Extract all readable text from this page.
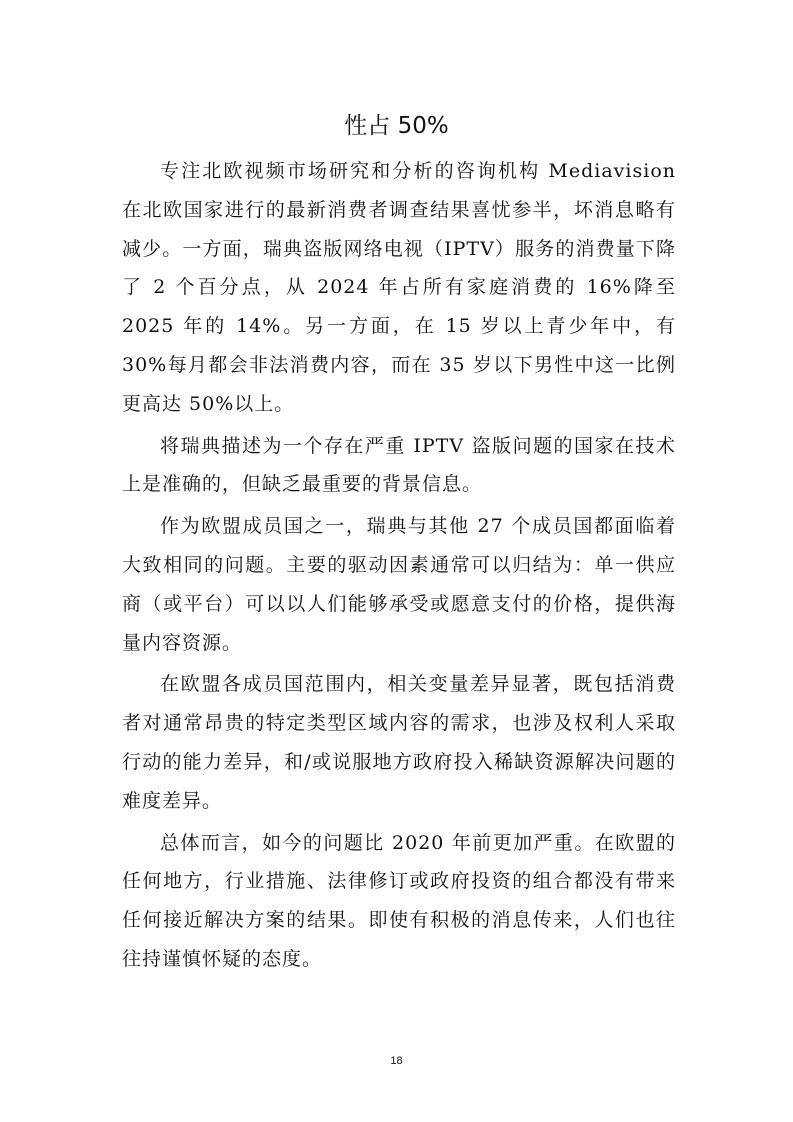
性占 50%

专注北欧视频市场研究和分析的咨询机构 Mediavision 在北欧国家进行的最新消费者调查结果喜忧参半，坏消息略有减少。一方面，瑞典盗版网络电视（IPTV）服务的消费量下降了 2 个百分点，从 2024 年占所有家庭消费的 16%降至 2025 年的 14%。另一方面，在 15 岁以上青少年中，有 30%每月都会非法消费内容，而在 35 岁以下男性中这一比例更高达 50%以上。

将瑞典描述为一个存在严重 IPTV 盗版问题的国家在技术上是准确的，但缺乏最重要的背景信息。

作为欧盟成员国之一，瑞典与其他 27 个成员国都面临着大致相同的问题。主要的驱动因素通常可以归结为：单一供应商（或平台）可以以人们能够承受或愿意支付的价格，提供海量内容资源。

在欧盟各成员国范围内，相关变量差异显著，既包括消费者对通常昂贵的特定类型区域内容的需求，也涉及权利人采取行动的能力差异，和/或说服地方政府投入稀缺资源解决问题的难度差异。

总体而言，如今的问题比 2020 年前更加严重。在欧盟的任何地方，行业措施、法律修订或政府投资的组合都没有带来任何接近解决方案的结果。即使有积极的消息传来，人们也往往持谨慎怀疑的态度。

18
